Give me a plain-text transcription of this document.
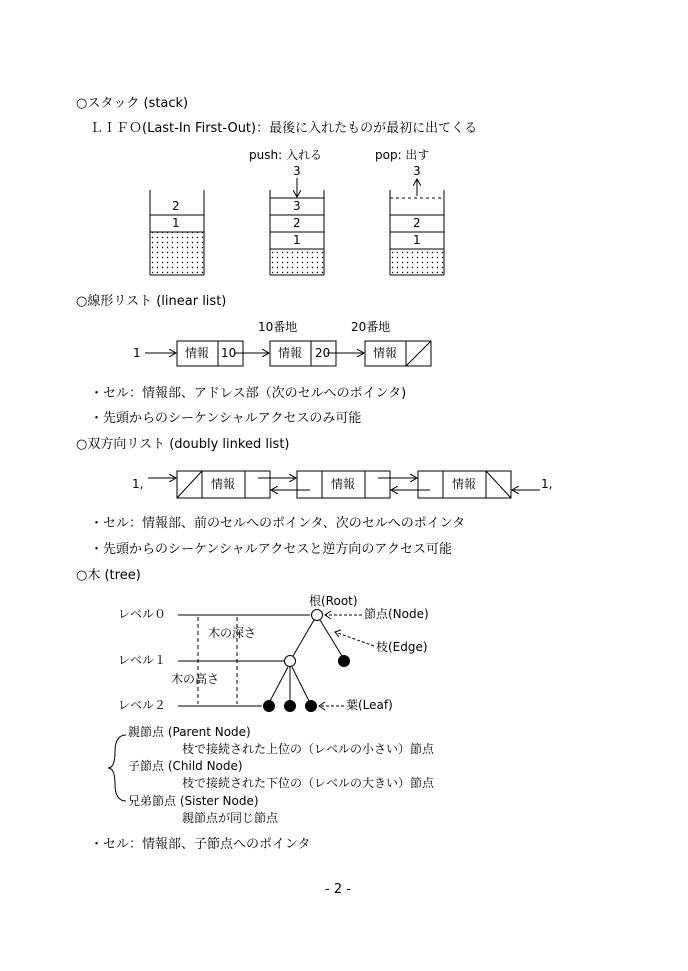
○スタック (stack)
ＬＩＦＯ(Last-In First-Out)：最後に入れたものが最初に出てくる
push: 入れる	pop: 出す
3	3
2
1
3
2
1
2
1
○線形リスト (linear list)
10番地	20番地
1	情報 10	情報 20	情報
・セル：情報部、アドレス部（次のセルへのポインタ)
・先頭からのシーケンシャルアクセスのみ可能
○双方向リスト (doubly linked list)
1,	1,
情報	情報	情報
・セル：情報部、前のセルへのポインタ、次のセルへのポインタ
・先頭からのシーケンシャルアクセスと逆方向のアクセス可能
○木 (tree)
レベル０
レベル１
レベル２
木の深さ
木の高さ
根(Root)
節点(Node)
枝(Edge)
葉(Leaf)
親節点 (Parent Node)
枝で接続された上位の（レベルの小さい）節点
子節点 (Child Node)
枝で接続された下位の（レベルの大きい）節点
兄弟節点 (Sister Node)
親節点が同じ節点
・セル：情報部、子節点へのポインタ
- 2 -
